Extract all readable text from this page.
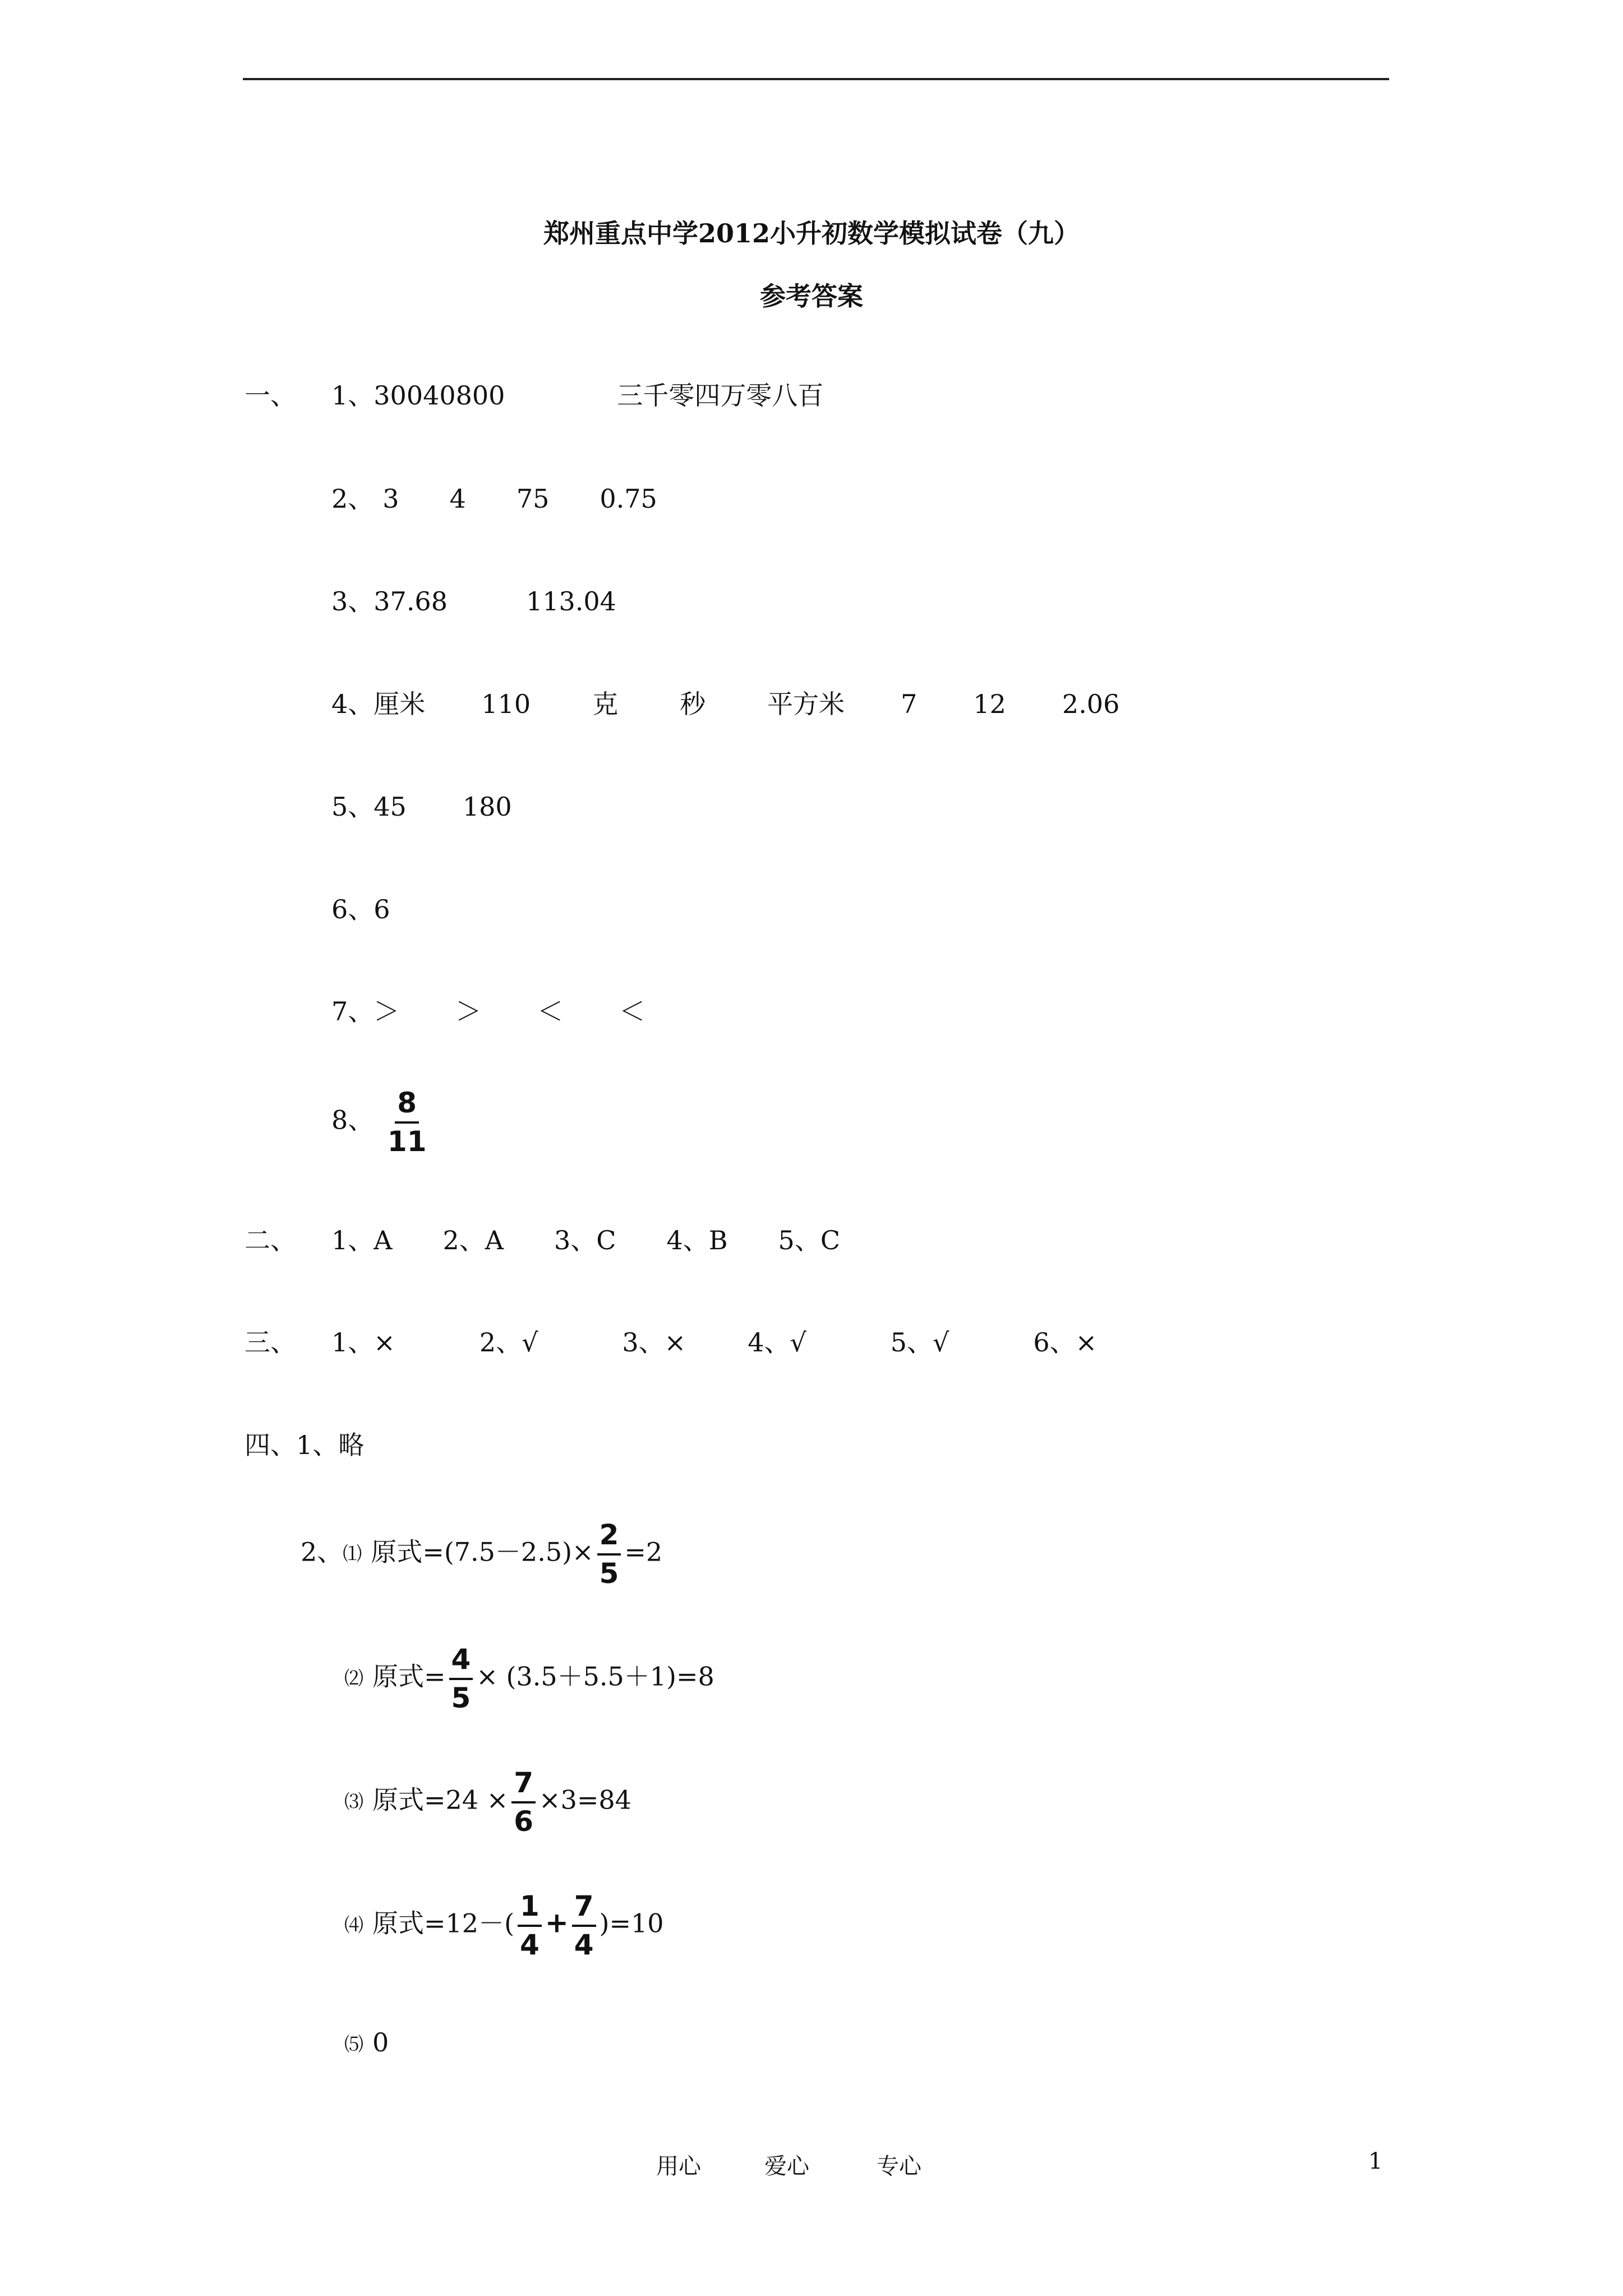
郑州重点中学2012小升初数学模拟试卷（九）
参考答案
一、 1、30040800	三千零四万零八百
2、 3 4 75 0.75
3、37.68	113.04
4、厘米 110 克 秒 平方米 7 12 2.06
5、45 180
6、6
7、＞ ＞ ＜ ＜
8、 $\frac{8}{11}$
二、 1、A 2、A 3、C 4、B 5、C
三、 1、×	2、√	3、× 4、√	5、√	6、×
四、1、略
2、⑴ 原式$=(7.5-2.5)\times \frac{2}{5} =2$
⑵ 原式= $\frac{4}{5} \times (3.5+5.5+1)=8$
⑶ 原式$=24 \times \frac{7}{6} \times 3=84$
⑷ 原式$=12-( \frac{1}{4} + \frac{7}{4} )=10$
⑸ 0
用心	爱心	专心	1
